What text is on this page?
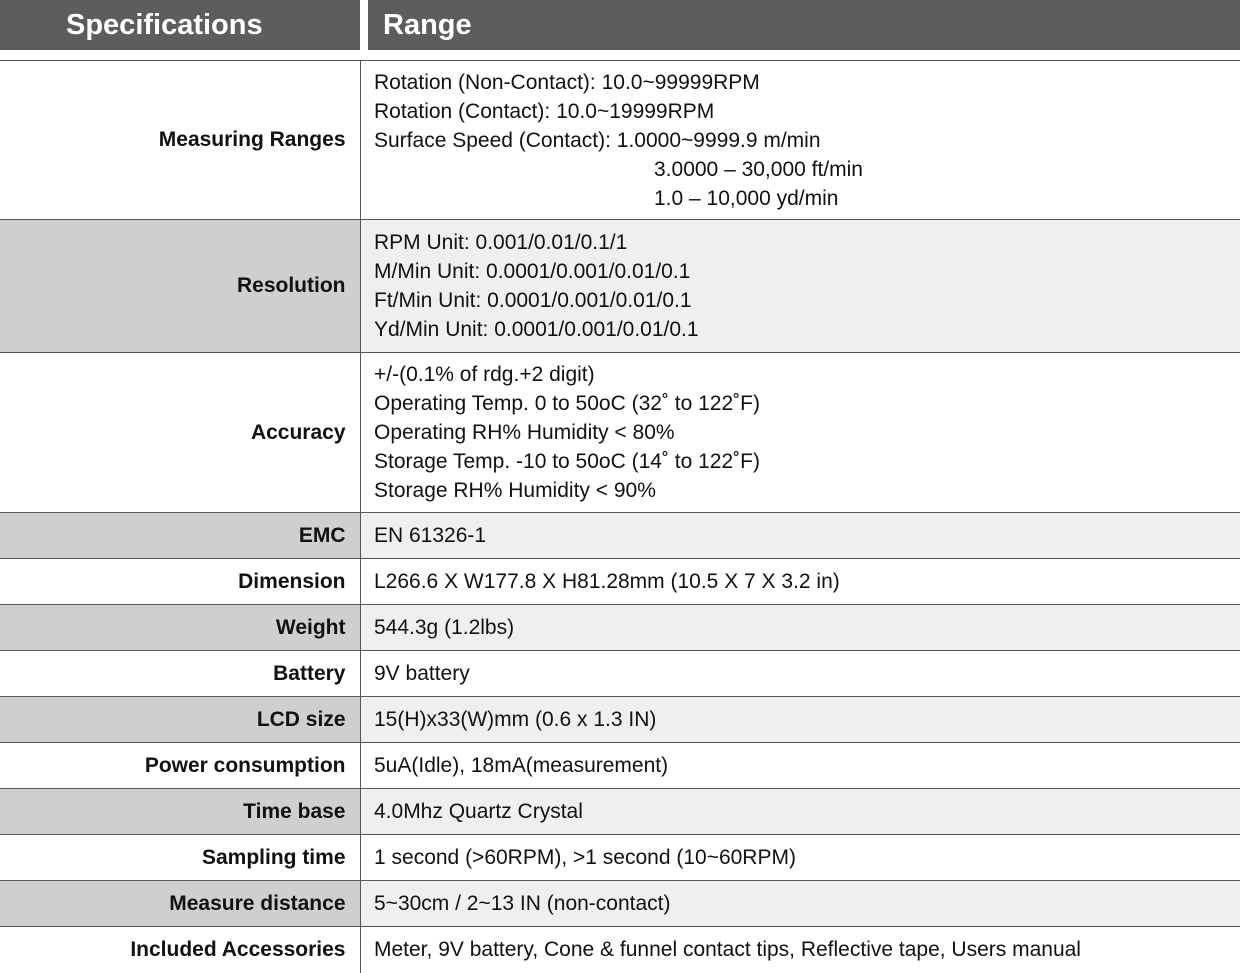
Specifications		Range

Measuring Ranges		Rotation (Non-Contact): 10.0~99999RPM
Rotation (Contact): 10.0~19999RPM
Surface Speed (Contact): 1.0000~9999.9 m/min
3.0000 – 30,000 ft/min
1.0 – 10,000 yd/min

Resolution		RPM Unit: 0.001/0.01/0.1/1
M/Min Unit: 0.0001/0.001/0.01/0.1
Ft/Min Unit: 0.0001/0.001/0.01/0.1
Yd/Min Unit: 0.0001/0.001/0.01/0.1

Accuracy		+/-(0.1% of rdg.+2 digit)
Operating Temp. 0 to 50oC (32˚ to 122˚F)
Operating RH% Humidity < 80%
Storage Temp. -10 to 50oC (14˚ to 122˚F)
Storage RH% Humidity < 90%

EMC		EN 61326-1
Dimension		L266.6 X W177.8 X H81.28mm (10.5 X 7 X 3.2 in)
Weight		544.3g (1.2lbs)
Battery		9V battery
LCD size		15(H)x33(W)mm (0.6 x 1.3 IN)
Power consumption		5uA(Idle), 18mA(measurement)
Time base		4.0Mhz Quartz Crystal
Sampling time		1 second (>60RPM), >1 second (10~60RPM)
Measure distance		5~30cm / 2~13 IN (non-contact)
Included Accessories		Meter, 9V battery, Cone & funnel contact tips, Reflective tape, Users manual
